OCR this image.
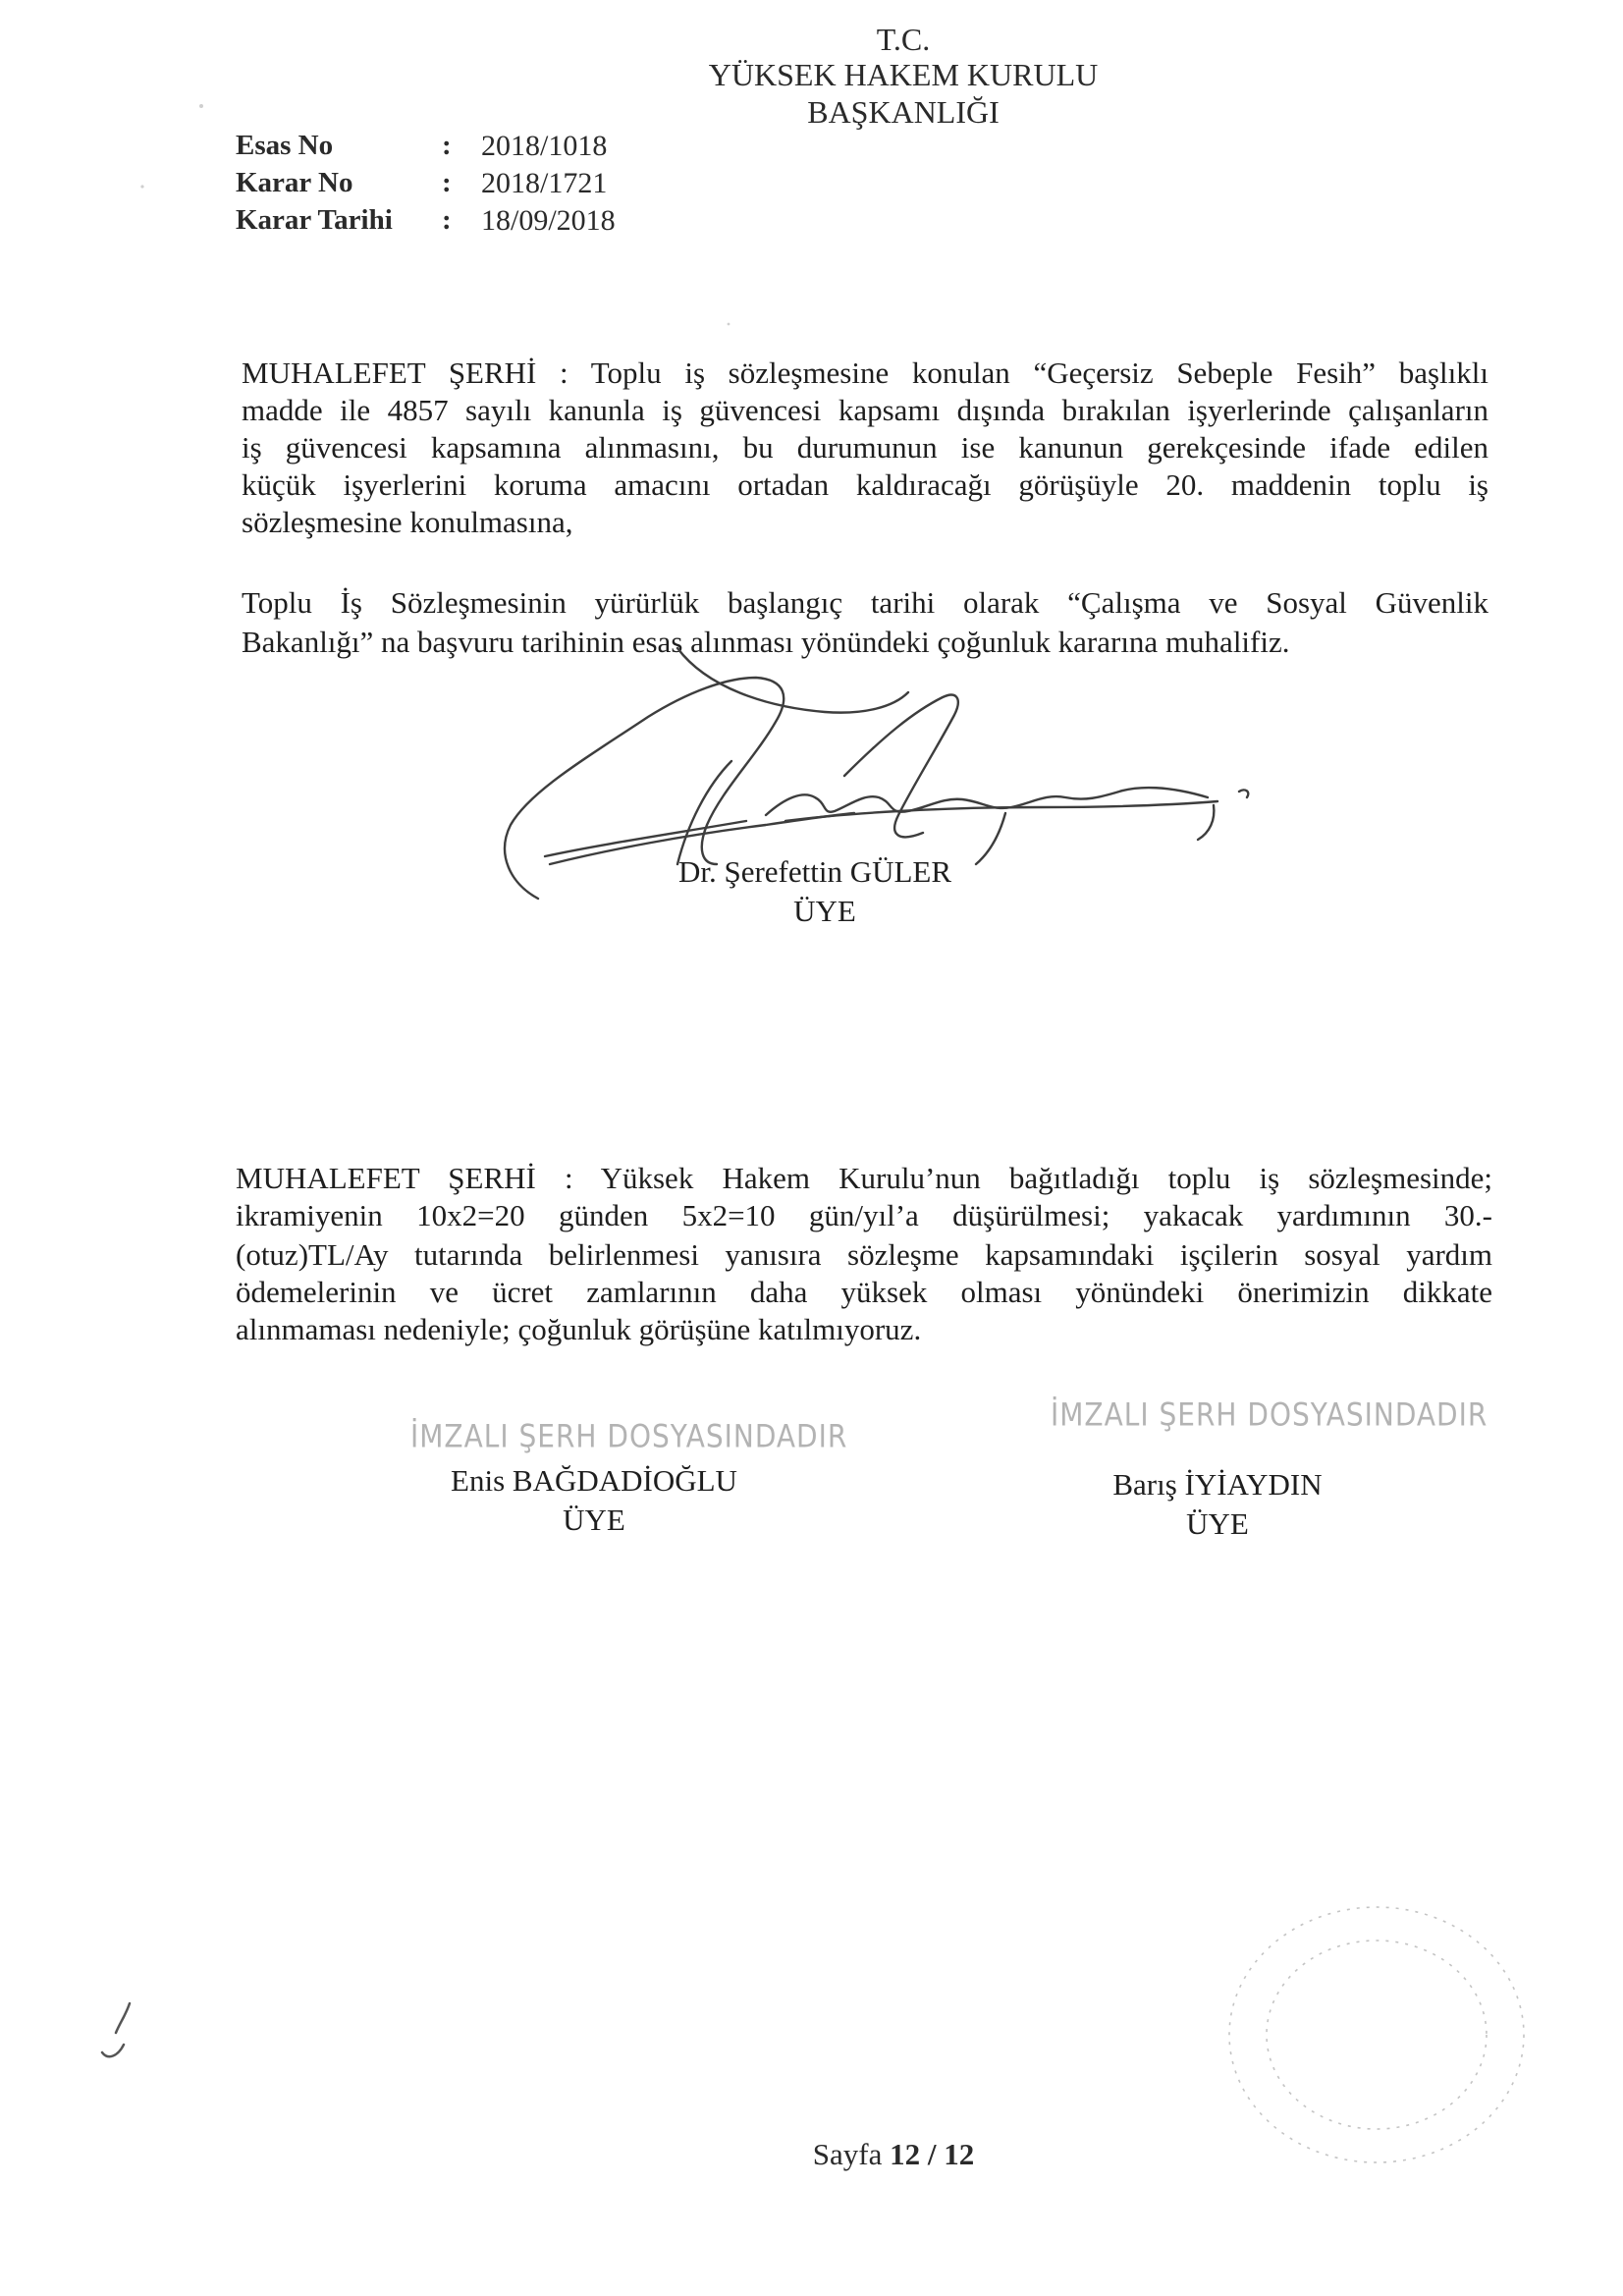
T.C.
YÜKSEK HAKEM KURULU
BAŞKANLIĞI
Esas No	: 2018/1018
Karar No	: 2018/1721
Karar Tarihi : 18/09/2018
MUHALEFET ŞERHİ : Toplu iş sözleşmesine konulan “Geçersiz Sebeple Fesih” başlıklı
madde ile 4857 sayılı kanunla iş güvencesi kapsamı dışında bırakılan işyerlerinde çalışanların
iş güvencesi kapsamına alınmasını, bu durumunun ise kanunun gerekçesinde ifade edilen
küçük işyerlerini koruma amacını ortadan kaldıracağı görüşüyle 20. maddenin toplu iş
sözleşmesine konulmasına,
Toplu İş Sözleşmesinin yürürlük başlangıç tarihi olarak “Çalışma ve Sosyal Güvenlik
Bakanlığı” na başvuru tarihinin esas alınması yönündeki çoğunluk kararına muhalifiz.
Dr. Şerefettin GÜLER
ÜYE
MUHALEFET ŞERHİ : Yüksek Hakem Kurulu’nun bağıtladığı toplu iş sözleşmesinde;
ikramiyenin 10x2=20 günden 5x2=10 gün/yıl’a düşürülmesi; yakacak yardımının 30.-
(otuz)TL/Ay tutarında belirlenmesi yanısıra sözleşme kapsamındaki işçilerin sosyal yardım
ödemelerinin ve ücret zamlarının daha yüksek olması yönündeki önerimizin dikkate
alınmaması nedeniyle; çoğunluk görüşüne katılmıyoruz.
İMZALI ŞERH DOSYASINDADIR
Enis BAĞDADİOĞLU
ÜYE
İMZALI ŞERH DOSYASINDADIR
Barış İYİAYDIN
ÜYE
Sayfa 12 / 12
